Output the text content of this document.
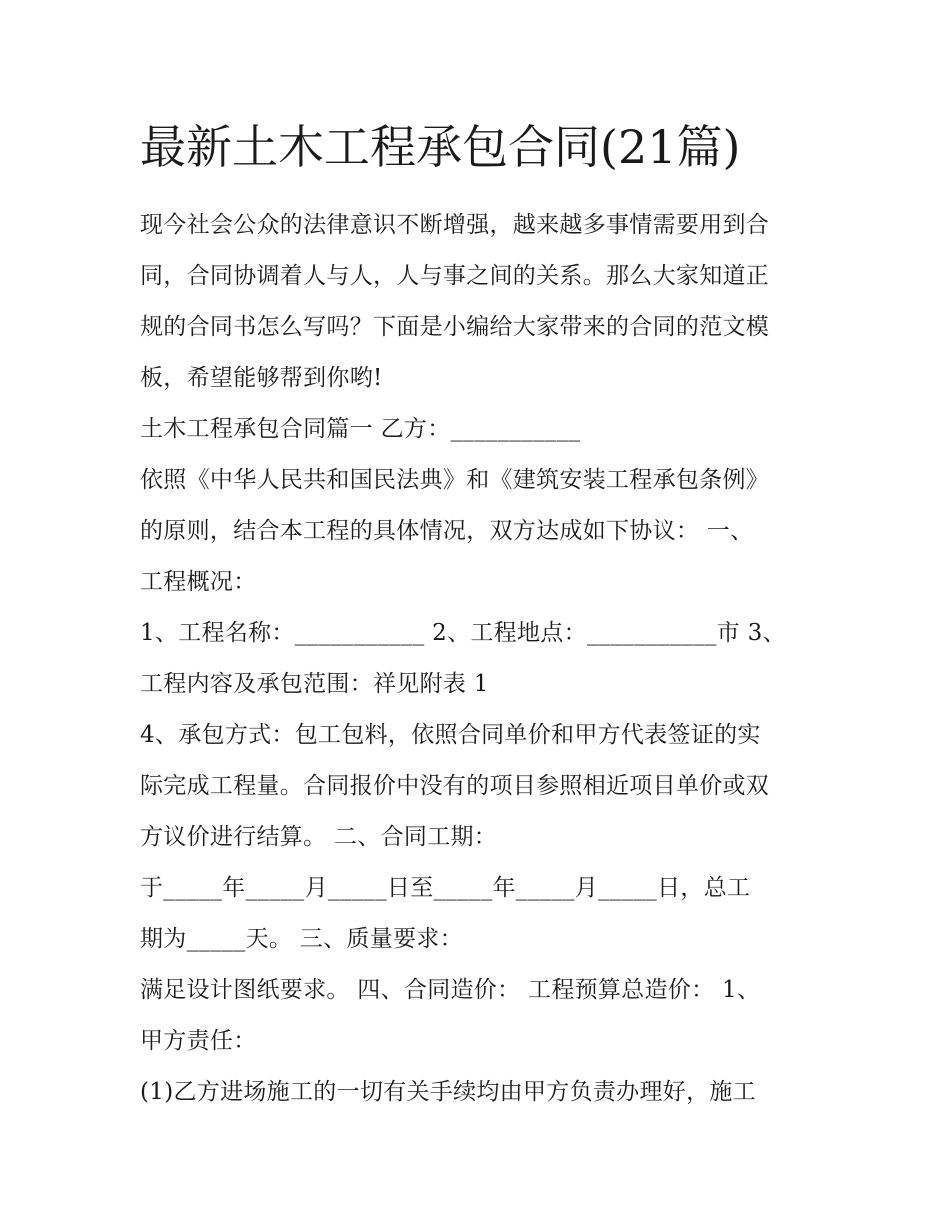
最新土木工程承包合同(21篇)
现今社会公众的法律意识不断增强，越来越多事情需要用到合
同，合同协调着人与人，人与事之间的关系。那么大家知道正
规的合同书怎么写吗？下面是小编给大家带来的合同的范文模
板，希望能够帮到你哟!
土木工程承包合同篇一 乙方：___________
依照《中华人民共和国民法典》和《建筑安装工程承包条例》
的原则，结合本工程的具体情况，双方达成如下协议： 一、
工程概况：
1、工程名称：___________ 2、工程地点：___________市 3、
工程内容及承包范围：祥见附表 1
4、承包方式：包工包料，依照合同单价和甲方代表签证的实
际完成工程量。合同报价中没有的项目参照相近项目单价或双
方议价进行结算。 二、合同工期：
于_____年_____月_____日至_____年_____月_____日，总工
期为_____天。 三、质量要求：
满足设计图纸要求。 四、合同造价： 工程预算总造价： 1、
甲方责任：
(1)乙方进场施工的一切有关手续均由甲方负责办理好，施工
